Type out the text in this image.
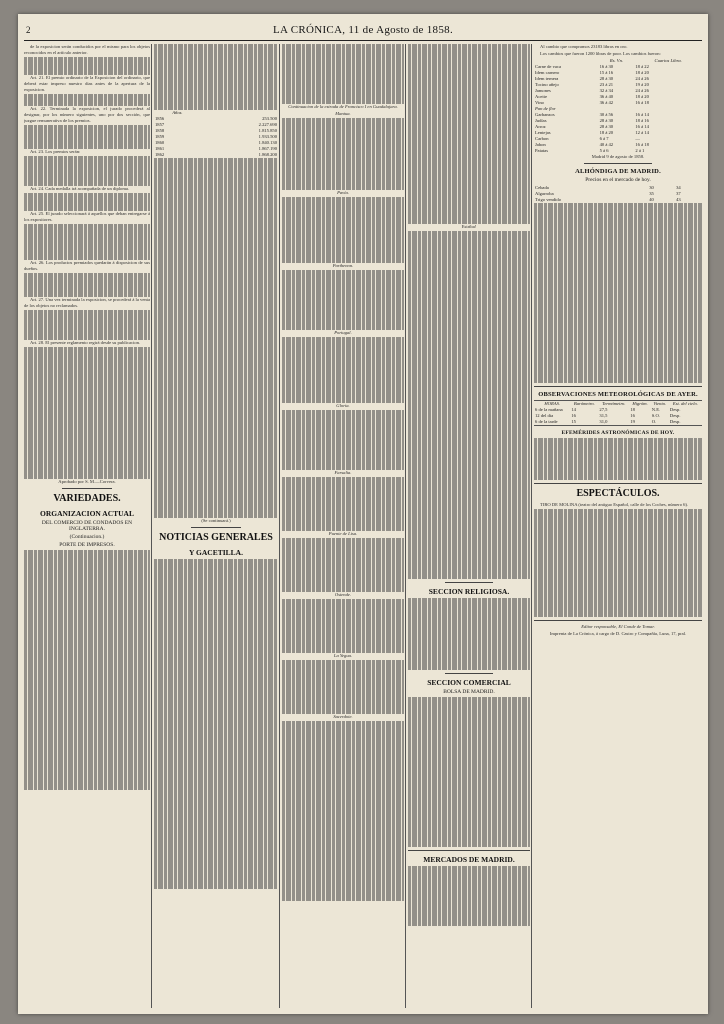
2	LA CRÓNICA, 11 de Agosto de 1858.

de la exposicion serán conducidos por el mismo para los objetos reconocidos en el artículo anterior.

Art. 21. El premio ordinario de la Exposicion del ordinario, que deberá estar impreso nuestro dias antes de la apertura de la exposicion.

Art. 22. Terminada la exposicion, el jurado procederá al designar, por los número siguientes, uno por dos sección, que juzgue remunerativa de los premios.

Art. 23. Los premios serán:

Art. 24. Cada medalla irá acompañada de un diploma.

Art. 25. El jurado seleccionará á aquellos que deban entregarse á los expositores.

Art. 26. Los productos premiados quedarán á disposicion de sus dueños.

Art. 27. Una vez terminada la exposicion, se procederá á la venta de los objetos no reclamados.

Art. 28. El presente reglamento regirá desde su publicacion.

Aprobado por S. M.—Corvera.

VARIEDADES.
ORGANIZACION ACTUAL
DEL COMERCIO DE CONDADOS EN INGLATERRA.
(Continuacion.)
PORTE DE IMPRESOS.
Años.	
1856	253.500
1857	2.227.690
1858	1.815.850
1859	1.933.500
1860	1.840.130
1861	1.867.190
1862	1.868.200

(Se continuará.)

NOTICIAS GENERALES
Y GACETILLA.

Continuacion de la estrada de Francisco I en Guadalajara.

Mantua.

Pavía.

Parthenon.

Portugal.

Gloria.

Farsalia.

Puente de Lisa.

Ostende.

La Yegua.

Sacerdote.

Estriba!

SECCION RELIGIOSA.
SECCION COMERCIAL
BOLSA DE MADRID.
MERCADOS DE MADRID.

Al cambio que compramos 23183 libras en oro.

Los cambios que fueron 1200 libras de poor. Los cambios fueron:

	Rs. Vn.	Cuartos Libra.
Carne de vaca	16 á 30	18 á 22
Idem carnero	15 á 16	18 á 20
Idem ternera	28 á 30	24 á 26
Tocino añejo	23 á 21	19 á 20
Jamones	32 á 34	24 á 26
Aceite	36 á 40	18 á 20
Vino	36 á 42	16 á 18
Pan de flor		
Garbanzos	30 á 56	16 á 14
Judías	28 á 30	18 á 16
Arroz	28 á 30	16 á 14
Lentejas	18 á 20	12 á 14
Carbon	6 á 7	—
Jabon	40 á 42	16 á 18
Patatas	5 á 6	2 á 1

Madrid 9 de agosto de 1858.

ALHÓNDIGA DE MADRID.
Precios en el mercado de hoy.
Cebada	30	34
Algarroba	35	37
Trigo vendido	40	43
OBSERVACIONES METEOROLÓGICAS DE AYER.
HORAS.	Barómetro.	Termómetro.	Higróm.	Viento.	Est. del cielo.
6 de la mañana	14	27,5	18	N.E.	Desp.
12 del dia	16	31,5	16	S.O.	Desp.
6 de la tarde	15	31,0	19	O.	Desp.
EFEMÉRIDES ASTRONÓMICAS DE HOY.
ESPECTÁCULOS.

TIRO DE MOLINA (teatro del antiguo Español, calle de los Coches, número 6).

Editor responsable, El Conde de Tomar.

Imprenta de La Crónica, á cargo de D. Castro y Compañía, Luna, 17, pral.
